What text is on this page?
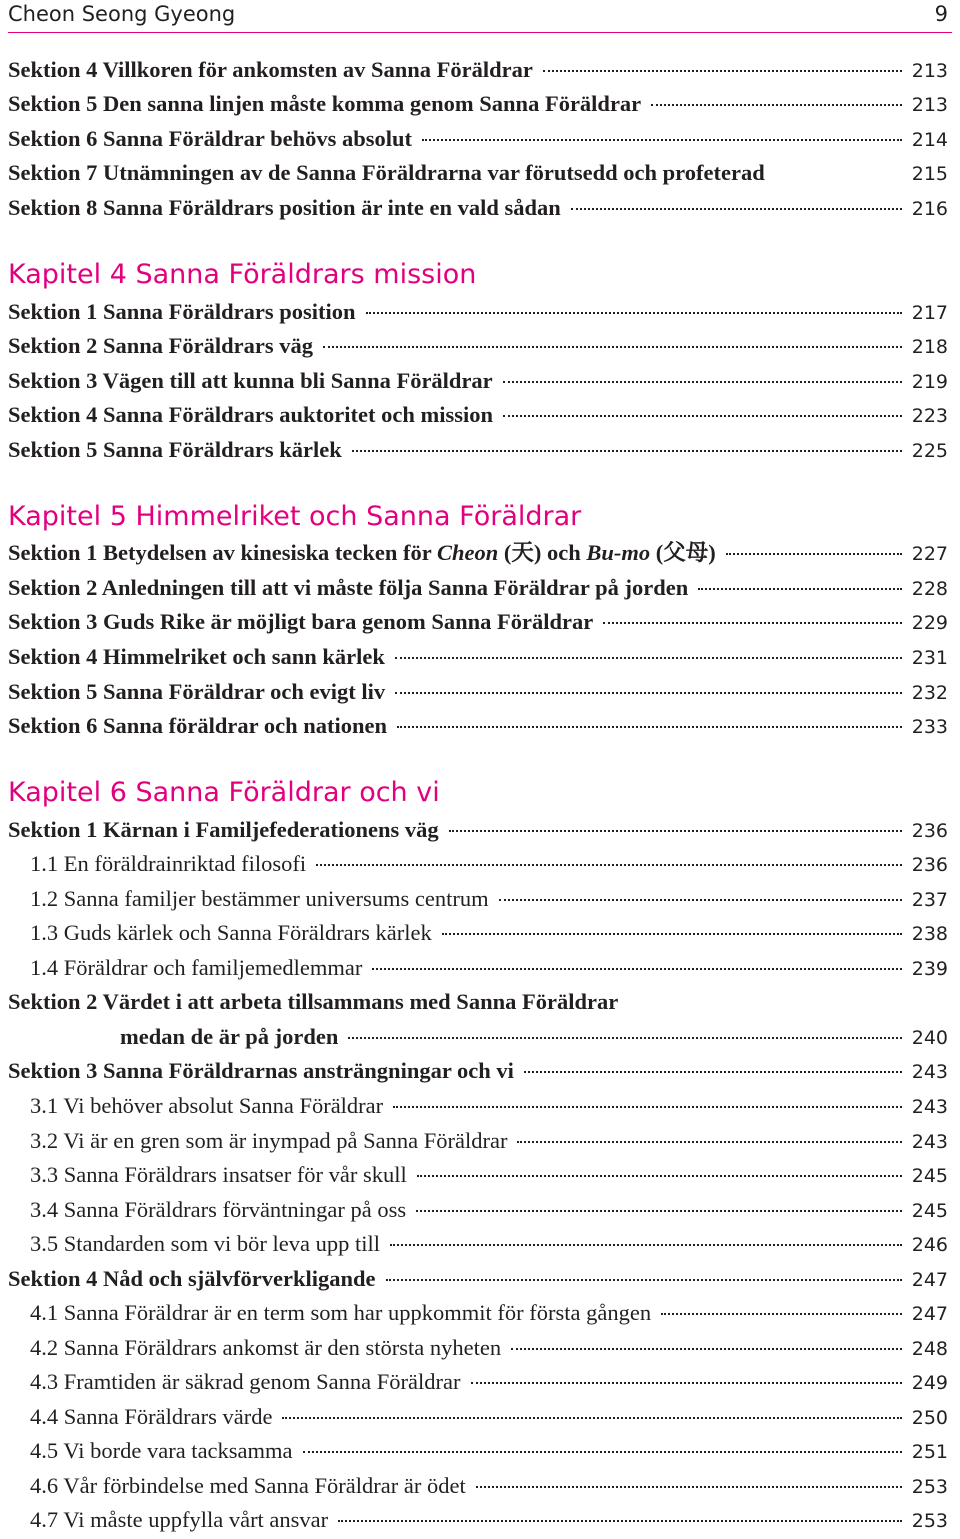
Cheon Seong Gyeong	9
Sektion 4 Villkoren för ankomsten av Sanna Föräldrar	213
Sektion 5 Den sanna linjen måste komma genom Sanna Föräldrar	213
Sektion 6 Sanna Föräldrar behövs absolut	214
Sektion 7 Utnämningen av de Sanna Föräldrarna var förutsedd och profeterad	215
Sektion 8 Sanna Föräldrars position är inte en vald sådan	216
Kapitel 4 Sanna Föräldrars mission
Sektion 1 Sanna Föräldrars position	217
Sektion 2 Sanna Föräldrars väg	218
Sektion 3 Vägen till att kunna bli Sanna Föräldrar	219
Sektion 4 Sanna Föräldrars auktoritet och mission	223
Sektion 5 Sanna Föräldrars kärlek	225
Kapitel 5 Himmelriket och Sanna Föräldrar
Sektion 1 Betydelsen av kinesiska tecken för Cheon (天) och Bu-mo (父母)	227
Sektion 2 Anledningen till att vi måste följa Sanna Föräldrar på jorden	228
Sektion 3 Guds Rike är möjligt bara genom Sanna Föräldrar	229
Sektion 4 Himmelriket och sann kärlek	231
Sektion 5 Sanna Föräldrar och evigt liv	232
Sektion 6 Sanna föräldrar och nationen	233
Kapitel 6 Sanna Föräldrar och vi
Sektion 1 Kärnan i Familjefederationens väg	236
1.1 En föräldrainriktad filosofi	236
1.2 Sanna familjer bestämmer universums centrum	237
1.3 Guds kärlek och Sanna Föräldrars kärlek	238
1.4 Föräldrar och familjemedlemmar	239
Sektion 2 Värdet i att arbeta tillsammans med Sanna Föräldrar
medan de är på jorden	240
Sektion 3 Sanna Föräldrarnas ansträngningar och vi	243
3.1 Vi behöver absolut Sanna Föräldrar	243
3.2 Vi är en gren som är inympad på Sanna Föräldrar	243
3.3 Sanna Föräldrars insatser för vår skull	245
3.4 Sanna Föräldrars förväntningar på oss	245
3.5 Standarden som vi bör leva upp till	246
Sektion 4 Nåd och självförverkligande	247
4.1 Sanna Föräldrar är en term som har uppkommit för första gången	247
4.2 Sanna Föräldrars ankomst är den största nyheten	248
4.3 Framtiden är säkrad genom Sanna Föräldrar	249
4.4 Sanna Föräldrars värde	250
4.5 Vi borde vara tacksamma	251
4.6 Vår förbindelse med Sanna Föräldrar är ödet	253
4.7 Vi måste uppfylla vårt ansvar	253
